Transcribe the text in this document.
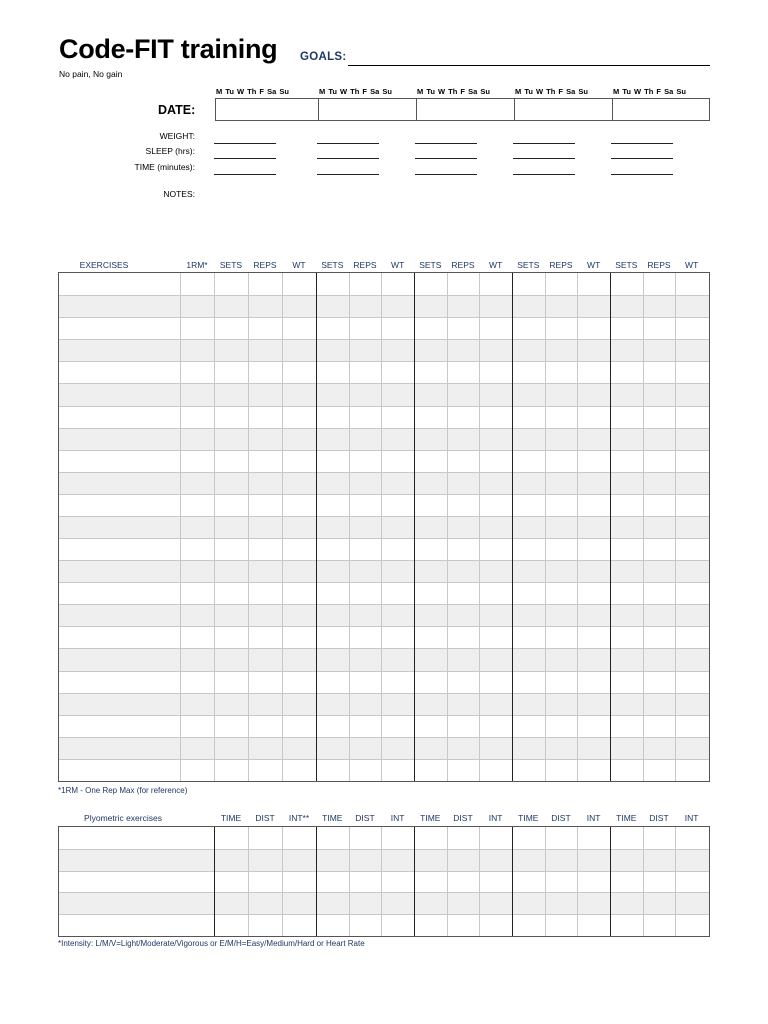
Code-FIT training
No pain, No gain
GOALS:
M Tu W Th F Sa Su	M Tu W Th F Sa Su	M Tu W Th F Sa Su	M Tu W Th F Sa Su	M Tu W Th F Sa Su
DATE:
WEIGHT:
SLEEP (hrs):
TIME (minutes):
NOTES:
EXERCISES	1RM*	SETS	REPS	WT	SETS	REPS	WT	SETS	REPS	WT	SETS	REPS	WT	SETS	REPS	WT
*1RM - One Rep Max (for reference)
Plyometric exercises	TIME	DIST	INT**	TIME	DIST	INT	TIME	DIST	INT	TIME	DIST	INT	TIME	DIST	INT
*Intensity: L/M/V=Light/Moderate/Vigorous or E/M/H=Easy/Medium/Hard or Heart Rate
